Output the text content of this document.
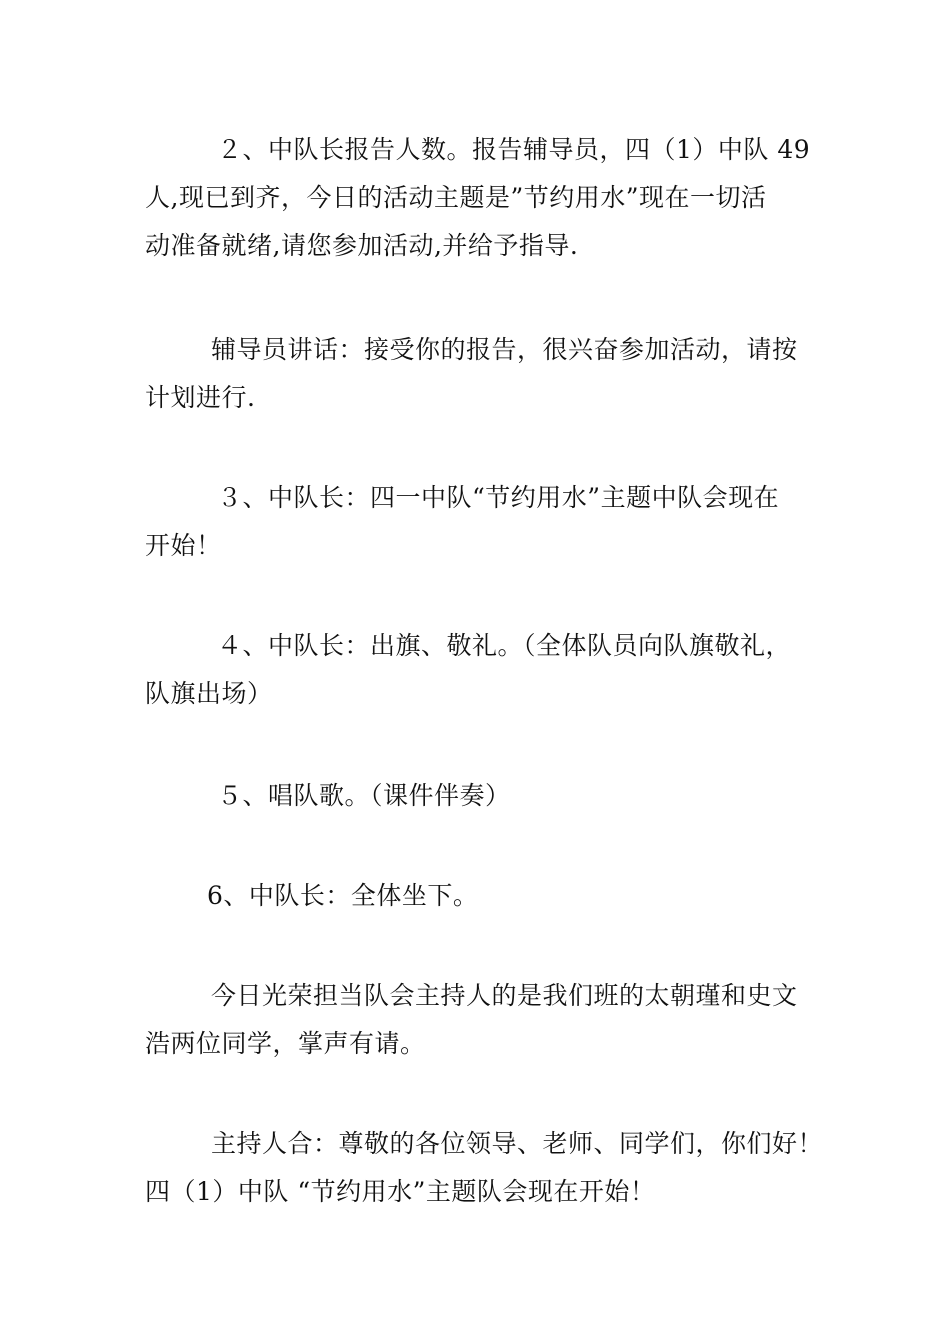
２、中队长报告人数。报告辅导员，四（1）中队 49
人,现已到齐，今日的活动主题是”节约用水”现在一切活
动准备就绪,请您参加活动,并给予指导.
辅导员讲话：接受你的报告，很兴奋参加活动，请按
计划进行.
３、中队长：四一中队“节约用水”主题中队会现在
开始！
４、中队长：出旗、敬礼。（全体队员向队旗敬礼，
队旗出场）
５、唱队歌。（课件伴奏）
6、中队长：全体坐下。
今日光荣担当队会主持人的是我们班的太朝瑾和史文
浩两位同学，掌声有请。
主持人合：尊敬的各位领导、老师、同学们，你们好！
四（1）中队 “节约用水”主题队会现在开始！
